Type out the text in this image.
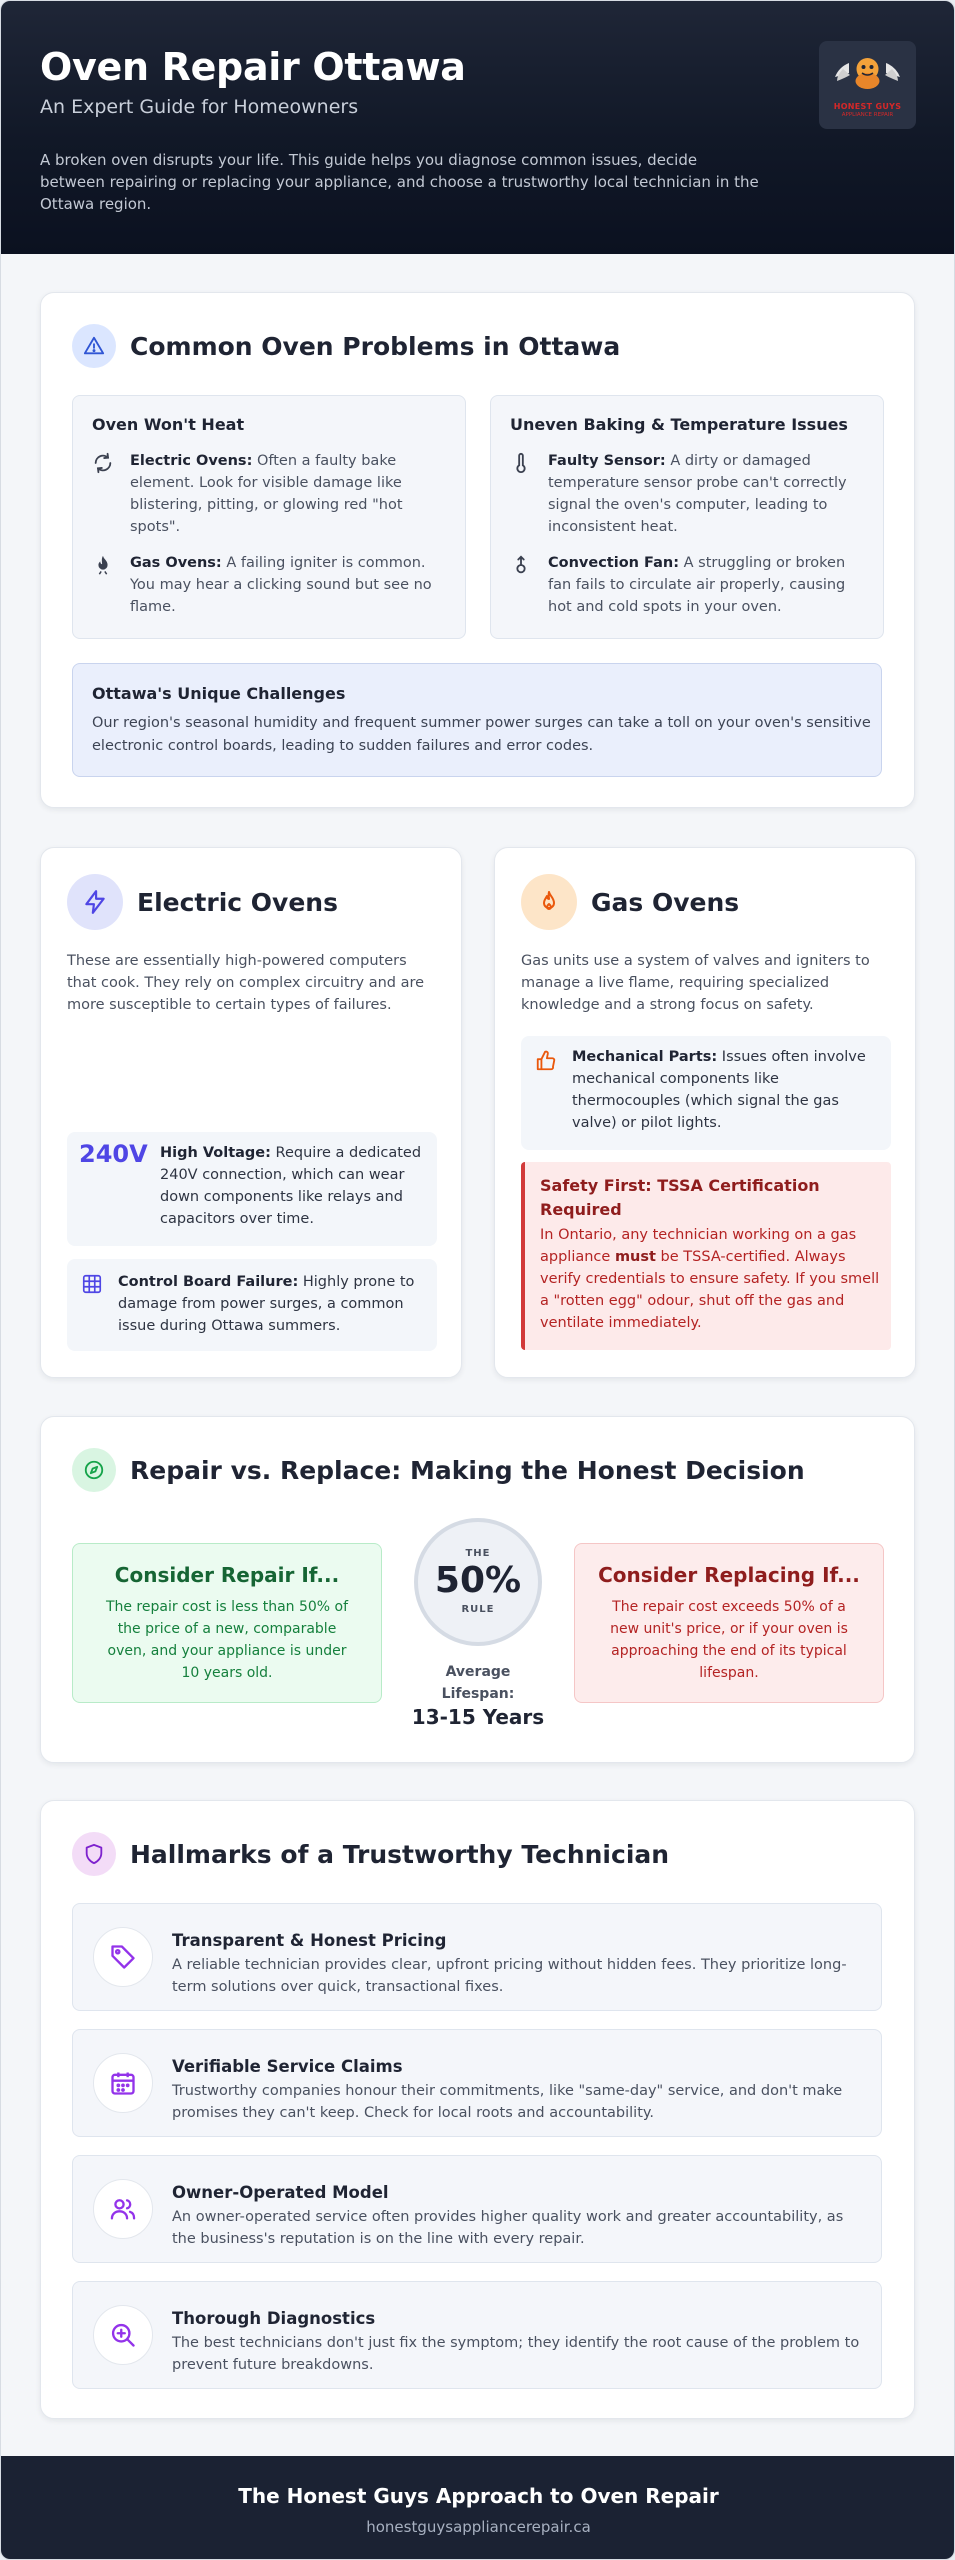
Oven Repair Ottawa
An Expert Guide for Homeowners

A broken oven disrupts your life. This guide helps you diagnose common issues, decide between repairing or replacing your appliance, and choose a trustworthy local technician in the Ottawa region.

HONEST GUYS
APPLIANCE REPAIR
Common Oven Problems in Ottawa
Oven Won't Heat

Electric Ovens: Often a faulty bake element. Look for visible damage like blistering, pitting, or glowing red "hot spots".

Gas Ovens: A failing igniter is common. You may hear a clicking sound but see no flame.

Uneven Baking & Temperature Issues

Faulty Sensor: A dirty or damaged temperature sensor probe can't correctly signal the oven's computer, leading to inconsistent heat.

Convection Fan: A struggling or broken fan fails to circulate air properly, causing hot and cold spots in your oven.

Ottawa's Unique Challenges

Our region's seasonal humidity and frequent summer power surges can take a toll on your oven's sensitive electronic control boards, leading to sudden failures and error codes.

Electric Ovens

These are essentially high-powered computers that cook. They rely on complex circuitry and are more susceptible to certain types of failures.

240V High Voltage: Require a dedicated 240V connection, which can wear down components like relays and capacitors over time.

Control Board Failure: Highly prone to damage from power surges, a common issue during Ottawa summers.

Gas Ovens

Gas units use a system of valves and igniters to manage a live flame, requiring specialized knowledge and a strong focus on safety.

Mechanical Parts: Issues often involve mechanical components like thermocouples (which signal the gas valve) or pilot lights.

Safety First: TSSA Certification Required

In Ontario, any technician working on a gas appliance must be TSSA-certified. Always verify credentials to ensure safety. If you smell a "rotten egg" odour, shut off the gas and ventilate immediately.

Repair vs. Replace: Making the Honest Decision
Consider Repair If...

The repair cost is less than 50% of the price of a new, comparable oven, and your appliance is under 10 years old.

THE
50%
RULE
Average Lifespan:
13-15 Years
Consider Replacing If...

The repair cost exceeds 50% of a new unit's price, or if your oven is approaching the end of its typical lifespan.

Hallmarks of a Trustworthy Technician
Transparent & Honest Pricing

A reliable technician provides clear, upfront pricing without hidden fees. They prioritize long-term solutions over quick, transactional fixes.

Verifiable Service Claims

Trustworthy companies honour their commitments, like "same-day" service, and don't make promises they can't keep. Check for local roots and accountability.

Owner-Operated Model

An owner-operated service often provides higher quality work and greater accountability, as the business's reputation is on the line with every repair.

Thorough Diagnostics

The best technicians don't just fix the symptom; they identify the root cause of the problem to prevent future breakdowns.

The Honest Guys Approach to Oven Repair
honestguysappliancerepair.ca
